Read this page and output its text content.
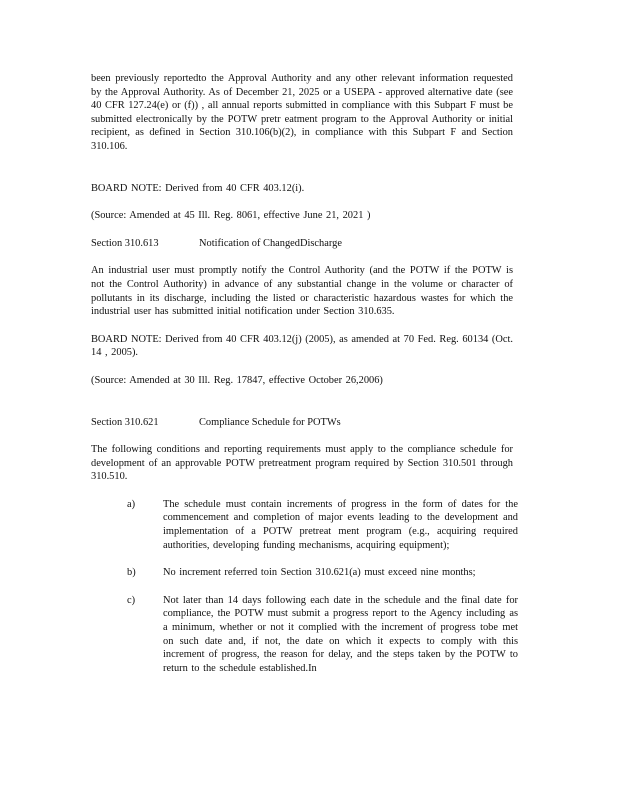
been previously reportedto the Approval Authority and any other relevant information requested by the Approval Authority. As of December 21, 2025 or a USEPA - approved alternative date (see 40 CFR 127.24(e) or (f)) , all annual reports submitted in compliance with this Subpart F must be submitted electronically by the POTW pretr eatment program to the Approval Authority or initial recipient, as defined in Section 310.106(b)(2), in compliance with this Subpart F and Section 310.106.

BOARD NOTE: Derived from 40 CFR 403.12(i).

(Source: Amended at 45 Ill. Reg. 8061, effective June 21, 2021 )

Section 310.613	Notification of ChangedDischarge

An industrial user must promptly notify the Control Authority (and the POTW if the POTW is not the Control Authority) in advance of any substantial change in the volume or character of pollutants in its discharge, including the listed or characteristic hazardous wastes for which the industrial user has submitted initial notification under Section 310.635.

BOARD NOTE: Derived from 40 CFR 403.12(j) (2005), as amended at 70 Fed. Reg. 60134 (Oct. 14 , 2005).

(Source: Amended at 30 Ill. Reg. 17847, effective October 26,2006)

Section 310.621	Compliance Schedule for POTWs

The following conditions and reporting requirements must apply to the compliance schedule for development of an approvable POTW pretreatment program required by Section 310.501 through 310.510.

a)	The schedule must contain increments of progress in the form of dates for the commencement and completion of major events leading to the development and implementation of a POTW pretreat ment program (e.g., acquiring required authorities, developing funding mechanisms, acquiring equipment);
b)	No increment referred toin Section 310.621(a) must exceed nine months;
c)	Not later than 14 days following each date in the schedule and the final date for compliance, the POTW must submit a progress report to the Agency including as a minimum, whether or not it complied with the increment of progress tobe met on such date and, if not, the date on which it expects to comply with this increment of progress, the reason for delay, and the steps taken by the POTW to return to the schedule established.In
